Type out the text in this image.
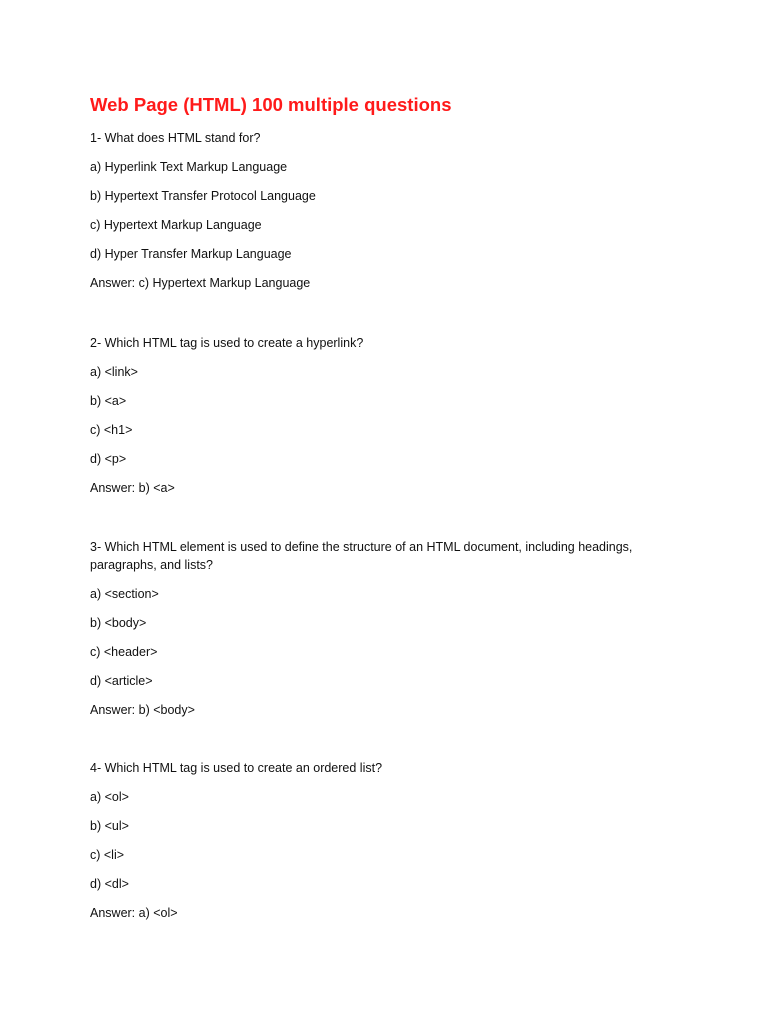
Web Page (HTML) 100 multiple questions

1- What does HTML stand for?

a) Hyperlink Text Markup Language

b) Hypertext Transfer Protocol Language

c) Hypertext Markup Language

d) Hyper Transfer Markup Language

Answer: c) Hypertext Markup Language

2- Which HTML tag is used to create a hyperlink?

a) <link>

b) <a>

c) <h1>

d) <p>

Answer: b) <a>

3- Which HTML element is used to define the structure of an HTML document, including headings, paragraphs, and lists?

a) <section>

b) <body>

c) <header>

d) <article>

Answer: b) <body>

4- Which HTML tag is used to create an ordered list?

a) <ol>

b) <ul>

c) <li>

d) <dl>

Answer: a) <ol>
